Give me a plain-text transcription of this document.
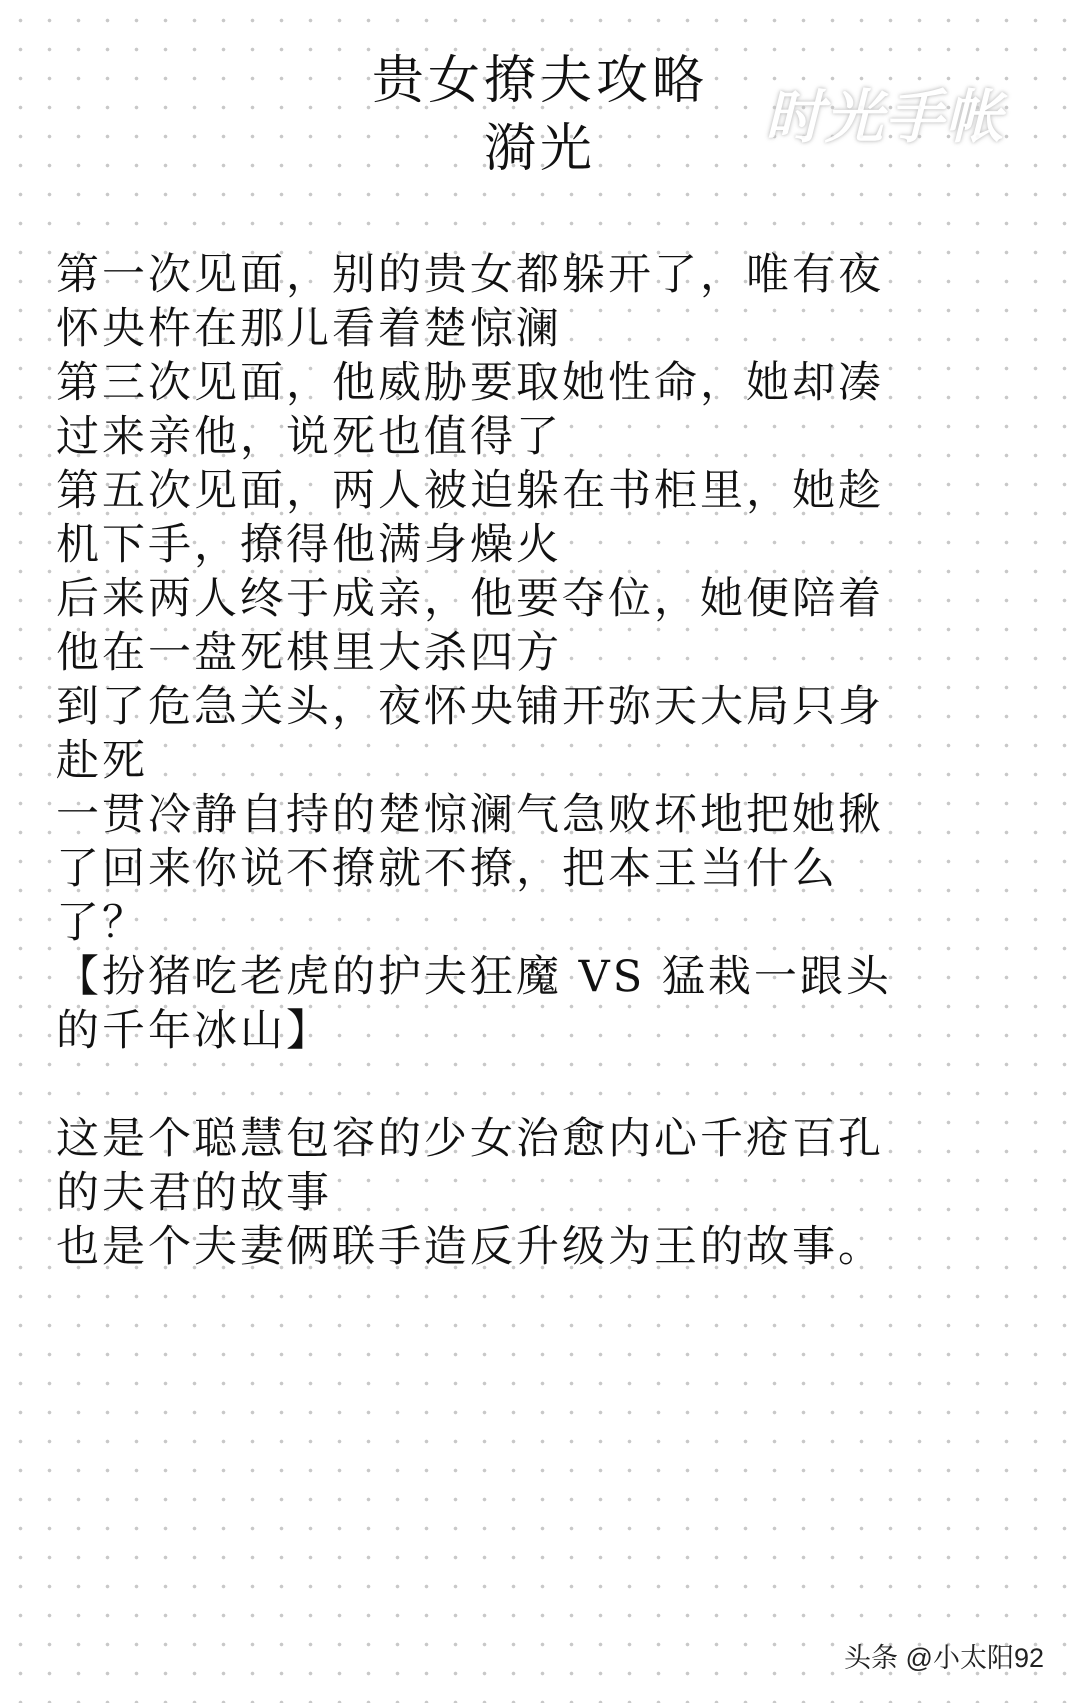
贵女撩夫攻略
漪光	时光手帐
第一次见面，别的贵女都躲开了，唯有夜
怀央杵在那儿看着楚惊澜
第三次见面，他威胁要取她性命，她却凑
过来亲他，说死也值得了
第五次见面，两人被迫躲在书柜里，她趁
机下手，撩得他满身燥火
后来两人终于成亲，他要夺位，她便陪着
他在一盘死棋里大杀四方
到了危急关头，夜怀央铺开弥天大局只身
赴死
一贯冷静自持的楚惊澜气急败坏地把她揪
了回来你说不撩就不撩，把本王当什么
了？
【扮猪吃老虎的护夫狂魔 VS 猛栽一跟头
的千年冰山】
这是个聪慧包容的少女治愈内心千疮百孔
的夫君的故事
也是个夫妻俩联手造反升级为王的故事。
头条 @小太阳92
